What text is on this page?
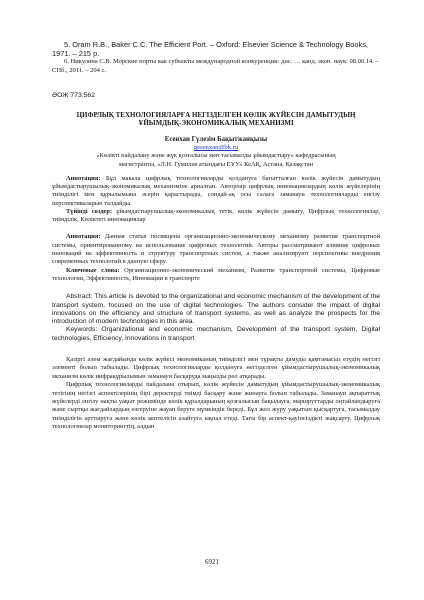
5. Oram R.B., Baker C.C. The Efficient Port. – Oxford: Elsevier Science & Technology Books, 1971. – 215 p.

6. Никулина С.В. Морские порты как субъекты международной конкуренции: дис. … канд. экон. наук: 08.00.14. – СПб., 2011. – 204 с.

ӘОЖ 773.562

ЦИФРЛЫҚ ТЕХНОЛОГИЯЛАРҒА НЕГІЗДЕЛГЕН КӨЛІК ЖҮЙЕСІН ДАМЫТУДЫҢ
ҰЙЫМДЫҚ-ЭКОНОМИКАЛЫҚ МЕХАНИЗМІ

Есенхан Гүлезім Бақытжанқызы

gesenxan@bk.ru

«Көлікті пайдалану және жүк қозғалысы мен тасымалды ұйымдастыру» кафедрасының
магистранты, «Л.Н. Гумилев атындағы ЕҰУ» КеАҚ, Астана, Қазақстан

Аннотация: Бұл макала цифрлық технологияларды қолдануға бағытталған көлік жүйесін дамытудың ұйымдастырушылық-экономикалық механизміне арналған. Авторлар цифрлық инновациялардың көлік жүйелерінің тиімділігі мен құрылымына әсерін қарастырады, сондай-ақ осы салаға заманауи технологияларды енгізу перспективаларын талдайды.

Түйінді сөздер: ұйымдастырушылық-экономикалық тетік, көлік жүйесін дамыту, Цифрлық технологиялар, тиімділік, Көліктегі инновациялар

Аннотация: Данная статья посвящена организационно-экономическому механизму развития транспортной системы, ориентированному на использование цифровых технологий. Авторы рассматривают влияние цифровых инноваций на эффективность и структуру транспортных систем, а также анализируют перспективы внедрения современных технологий в данную сферу.

Ключевые слова: Организационно-экономический механизм, Развитие транспортной системы, Цифровые технологии, Эффективность, Инновации в транспорте

Abstract: This article is devoted to the organizational and economic mechanism of the development of the transport system, focused on the use of digital technologies. The authors consider the impact of digital innovations on the efficiency and structure of transport systems, as well as analyze the prospects for the introduction of modern technologies in this area.

Keywords: Organizational and economic mechanism, Development of the transport system, Digital technologies, Efficiency, Innovations in transport

Қазіргі әлем жағдайында көлік жүйесі экономиканың тиімділігі мен тұрақты дамуды қамтамасыз етудің негізгі элементі болып табылады. Цифрлық технологияларды қолдануға негізделген ұйымдастырушылық-экономикалық механизм көлік инфрақұрылымын заманауи басқаруда маңызды рөл атқарады.

Цифрлық технологияларды пайдалана отырып, көлік жүйесін дамытудың ұйымдастырушылық-экономикалық тетігінің негізгі аспектілерінің бірі деректерді тиімді басқару және жинауға болып табылады. Заманауи ақпараттық жүйелерді енгізу нақты уақыт режимінде көлік құралдарының қозғалысын бақылауға, маршруттарды оңтайландыруға және сыртқы жағдайлардың өзгеруіне жауап беруге мүмкіндік береді. Бұл жол жүру уақытын қысқартуға, тасымалдау тиімділігін арттыруға және көлік кептелісін азайтуға ықпал етеді. Тағы бір аспект-қауіпсіздікті жақсарту. Цифрлық технологиялар мониторингтің, алдын

6921
